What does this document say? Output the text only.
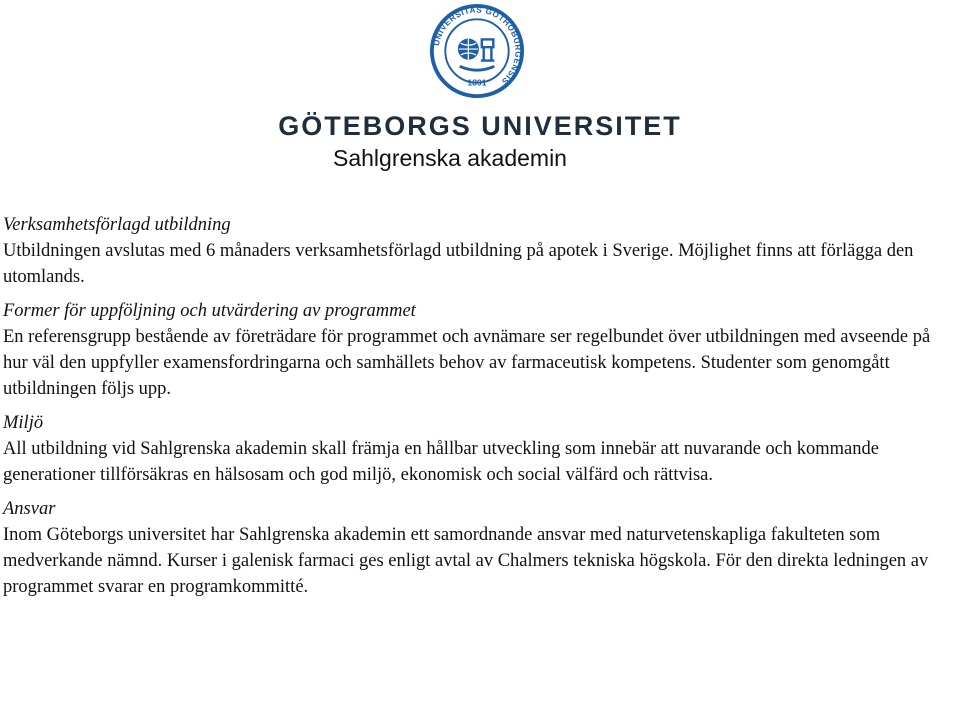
UNIVERSITAS GOTHOBURGENSIS
1891
GÖTEBORGS UNIVERSITET
Sahlgrenska akademin
Verksamhetsförlagd utbildning
Utbildningen avslutas med 6 månaders verksamhetsförlagd utbildning på apotek i Sverige. Möjlighet finns att förlägga den utomlands.
Former för uppföljning och utvärdering av programmet
En referensgrupp bestående av företrädare för programmet och avnämare ser regelbundet över utbildningen med avseende på hur väl den uppfyller examensfordringarna och samhällets behov av farmaceutisk kompetens. Studenter som genomgått utbildningen följs upp.
Miljö
All utbildning vid Sahlgrenska akademin skall främja en hållbar utveckling som innebär att nuvarande och kommande generationer tillförsäkras en hälsosam och god miljö, ekonomisk och social välfärd och rättvisa.
Ansvar
Inom Göteborgs universitet har Sahlgrenska akademin ett samordnande ansvar med naturvetenskapliga fakulteten som medverkande nämnd. Kurser i galenisk farmaci ges enligt avtal av Chalmers tekniska högskola. För den direkta ledningen av programmet svarar en programkommitté.
